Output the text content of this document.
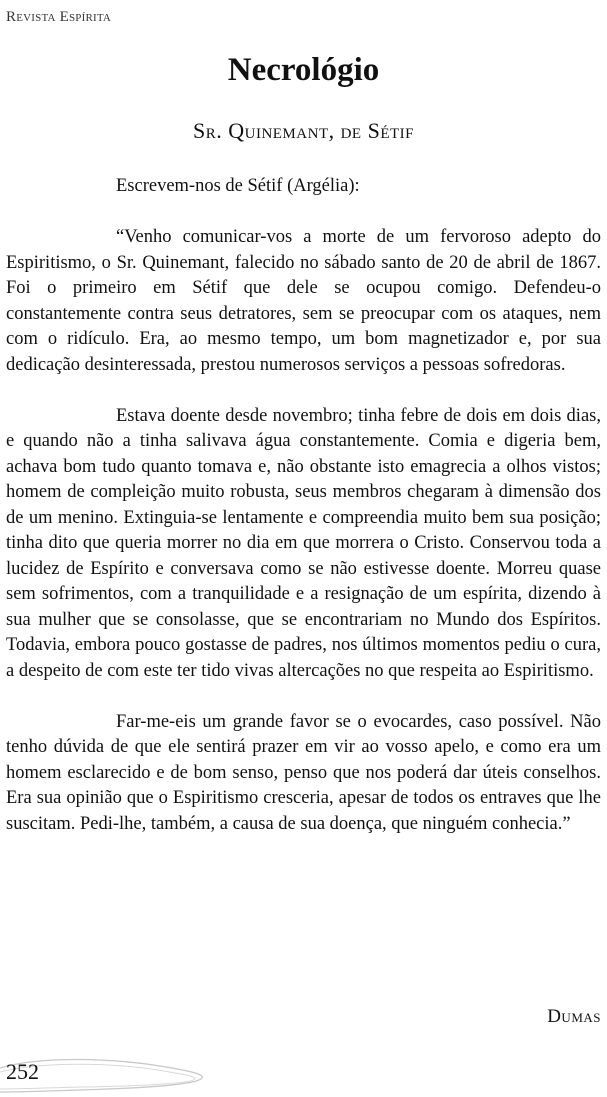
Revista Espírita
Necrológio
Sr. Quinemant, de Sétif

Escrevem-nos de Sétif (Argélia):

“Venho comunicar-vos a morte de um fervoroso adepto do Espiritismo, o Sr. Quinemant, falecido no sábado santo de 20 de abril de 1867. Foi o primeiro em Sétif que dele se ocupou comigo. Defendeu-o constantemente contra seus detratores, sem se preocupar com os ataques, nem com o ridículo. Era, ao mesmo tempo, um bom magnetizador e, por sua dedicação desinteressada, prestou numerosos serviços a pessoas sofredoras.

Estava doente desde novembro; tinha febre de dois em dois dias, e quando não a tinha salivava água constantemente. Comia e digeria bem, achava bom tudo quanto tomava e, não obstante isto emagrecia a olhos vistos; homem de compleição muito robusta, seus membros chegaram à dimensão dos de um menino. Extinguia-se lentamente e compreendia muito bem sua posição; tinha dito que queria morrer no dia em que morrera o Cristo. Conservou toda a lucidez de Espírito e conversava como se não estivesse doente. Morreu quase sem sofrimentos, com a tranquilidade e a resignação de um espírita, dizendo à sua mulher que se consolasse, que se encontrariam no Mundo dos Espíritos. Todavia, embora pouco gostasse de padres, nos últimos momentos pediu o cura, a despeito de com este ter tido vivas altercações no que respeita ao Espiritismo.

Far-me-eis um grande favor se o evocardes, caso possível. Não tenho dúvida de que ele sentirá prazer em vir ao vosso apelo, e como era um homem esclarecido e de bom senso, penso que nos poderá dar úteis conselhos. Era sua opinião que o Espiritismo cresceria, apesar de todos os entraves que lhe suscitam. Pedi-lhe, também, a causa de sua doença, que ninguém conhecia.”

Dumas
252
